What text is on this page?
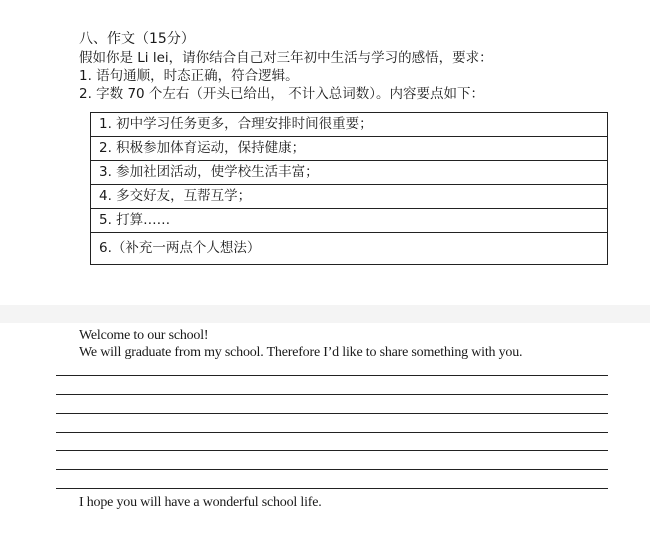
八、作文（15分）
假如你是 Li lei，请你结合自己对三年初中生活与学习的感悟，要求：
1. 语句通顺，时态正确，符合逻辑。
2. 字数 70 个左右（开头已给出， 不计入总词数）。内容要点如下：
1. 初中学习任务更多，合理安排时间很重要；
2. 积极参加体育运动，保持健康；
3. 参加社团活动，使学校生活丰富；
4. 多交好友，互帮互学；
5. 打算……
6.（补充一两点个人想法）
Welcome to our school!
We will graduate from my school. Therefore I’d like to share something with you.
I hope you will have a wonderful school life.
